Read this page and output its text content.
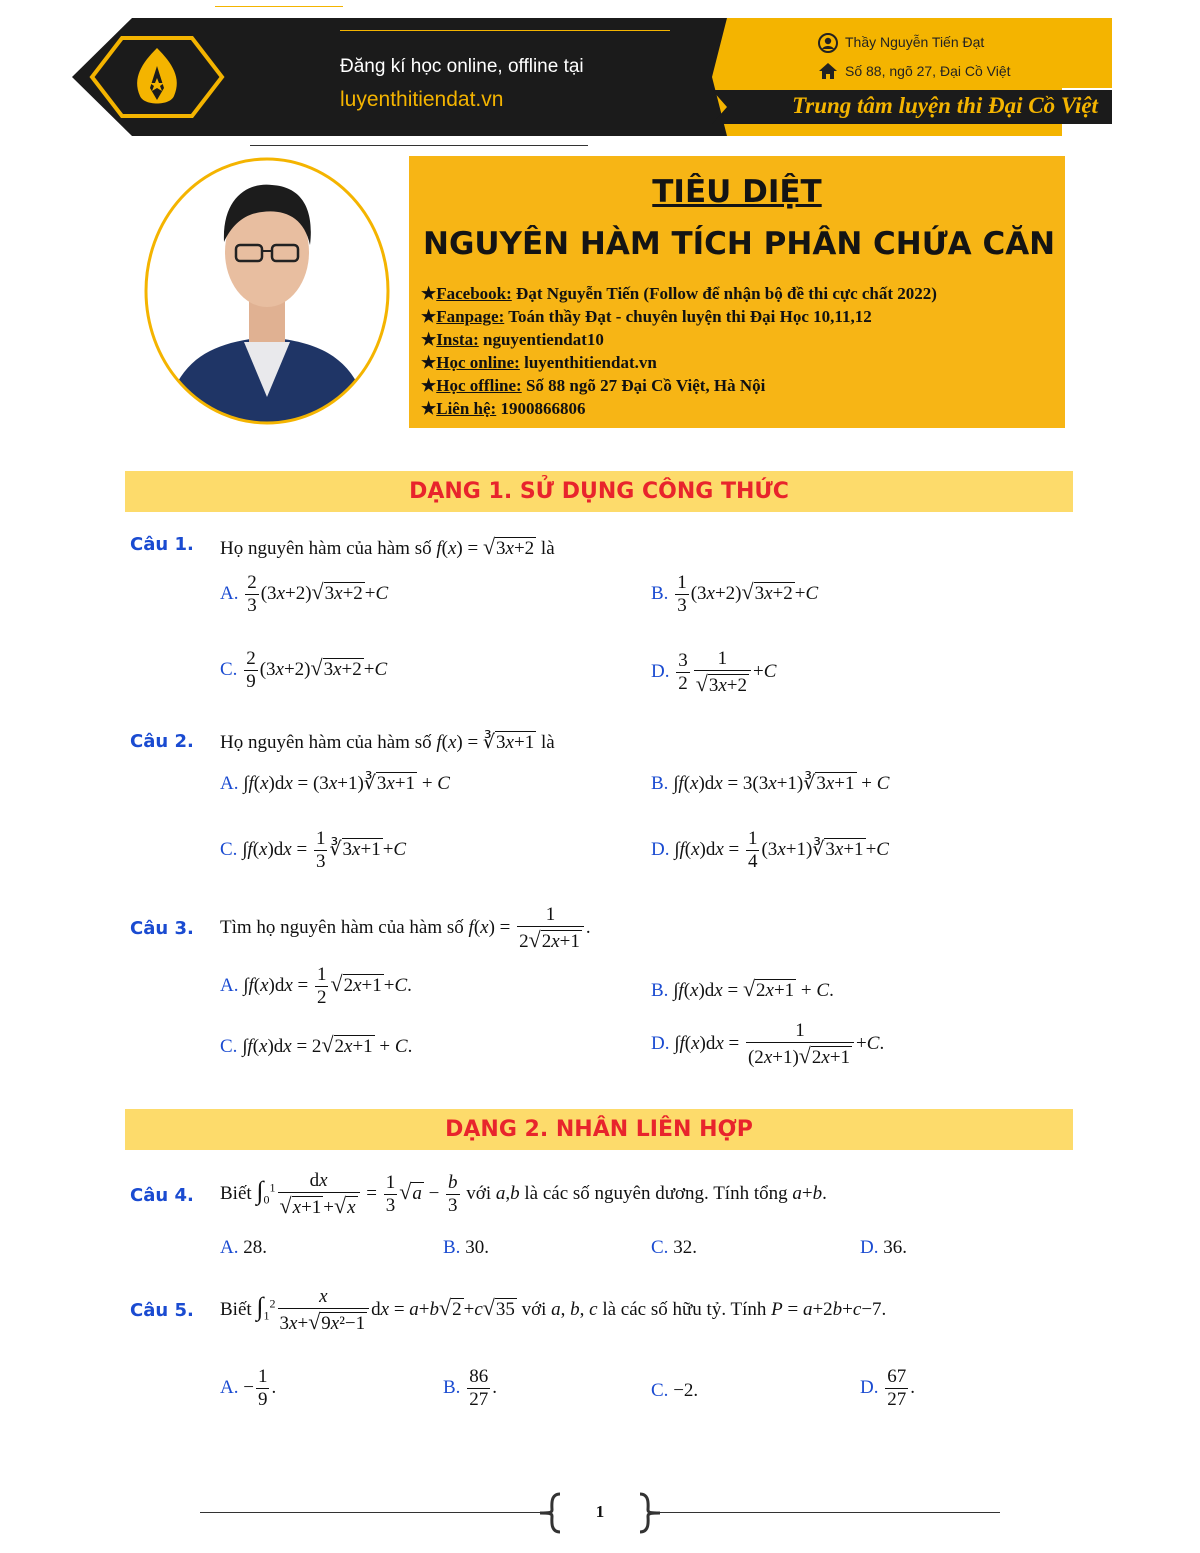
Đăng kí học online, offline tại
luyenthitiendat.vn
Thầy Nguyễn Tiến Đạt
Số 88, ngõ 27, Đại Cồ Việt
Trung tâm luyện thi Đại Cồ Việt
TIÊU DIỆT
NGUYÊN HÀM TÍCH PHÂN CHỨA CĂN
★Facebook: Đạt Nguyễn Tiến (Follow để nhận bộ đề thi cực chất 2022)
★Fanpage: Toán thầy Đạt - chuyên luyện thi Đại Học 10,11,12
★Insta: nguyentiendat10
★Học online: luyenthitiendat.vn
★Học offline: Số 88 ngõ 27 Đại Cồ Việt, Hà Nội
★Liên hệ: 1900866806
DẠNG 1. SỬ DỤNG CÔNG THỨC
Câu 1. Họ nguyên hàm của hàm số f(x) = √3x+2 là
A. $\frac{2}{3} (3x+2)√3x+2 +C$	B. $\frac{1}{3} (3x+2)√3x+2 +C$
C. $\frac{2}{9} (3x+2)√3x+2 +C$	D. $\frac{3}{2} \frac{1}{√3x+2} +C$
Câu 2. Họ nguyên hàm của hàm số f(x) = ∛3x+1 là
A. ∫f(x)dx = (3x+1)∛3x+1 + C	B. ∫f(x)dx = 3(3x+1)∛3x+1 + C
C. $\int f(x)dx = \frac{1}{3}$ ∛3x+1 +C	D. $\int f(x)dx = \frac{1}{4}$ (3x+1)∛3x+1 +C
Câu 3. Tìm họ nguyên hàm của hàm số $f(x) = \frac{1}{2√2x+1}$ .
A. $\int f(x)dx = \frac{1}{2} √2x+1 +C$.	B. ∫f(x)dx = √2x+1 + C.
C. ∫f(x)dx = 2√2x+1 + C.	D. $\int f(x)dx = \frac{1}{(2x+1)√2x+1} +C$.
DẠNG 2. NHÂN LIÊN HỢP
Câu 4. Biết $\int_0^1 \frac{dx}{√x+1 +√x} = \frac{1}{3} √a - \frac{b}{3}$ với a,b là các số nguyên dương. Tính tổng a+b.
A. 28.	B. 30.	C. 32.	D. 36.
Câu 5. Biết $\int_1^2 \frac{x}{\text{3x+√9x²−1}}$ dx = a+b√2 +c√35 với a, b, c là các số hữu tỷ. Tính P = a+2b+c−7.
A. − $\frac{1}{9}$ .	B. $\frac{86}{27}$ .	C. −2.	D. $\frac{67}{27}$ .
1
